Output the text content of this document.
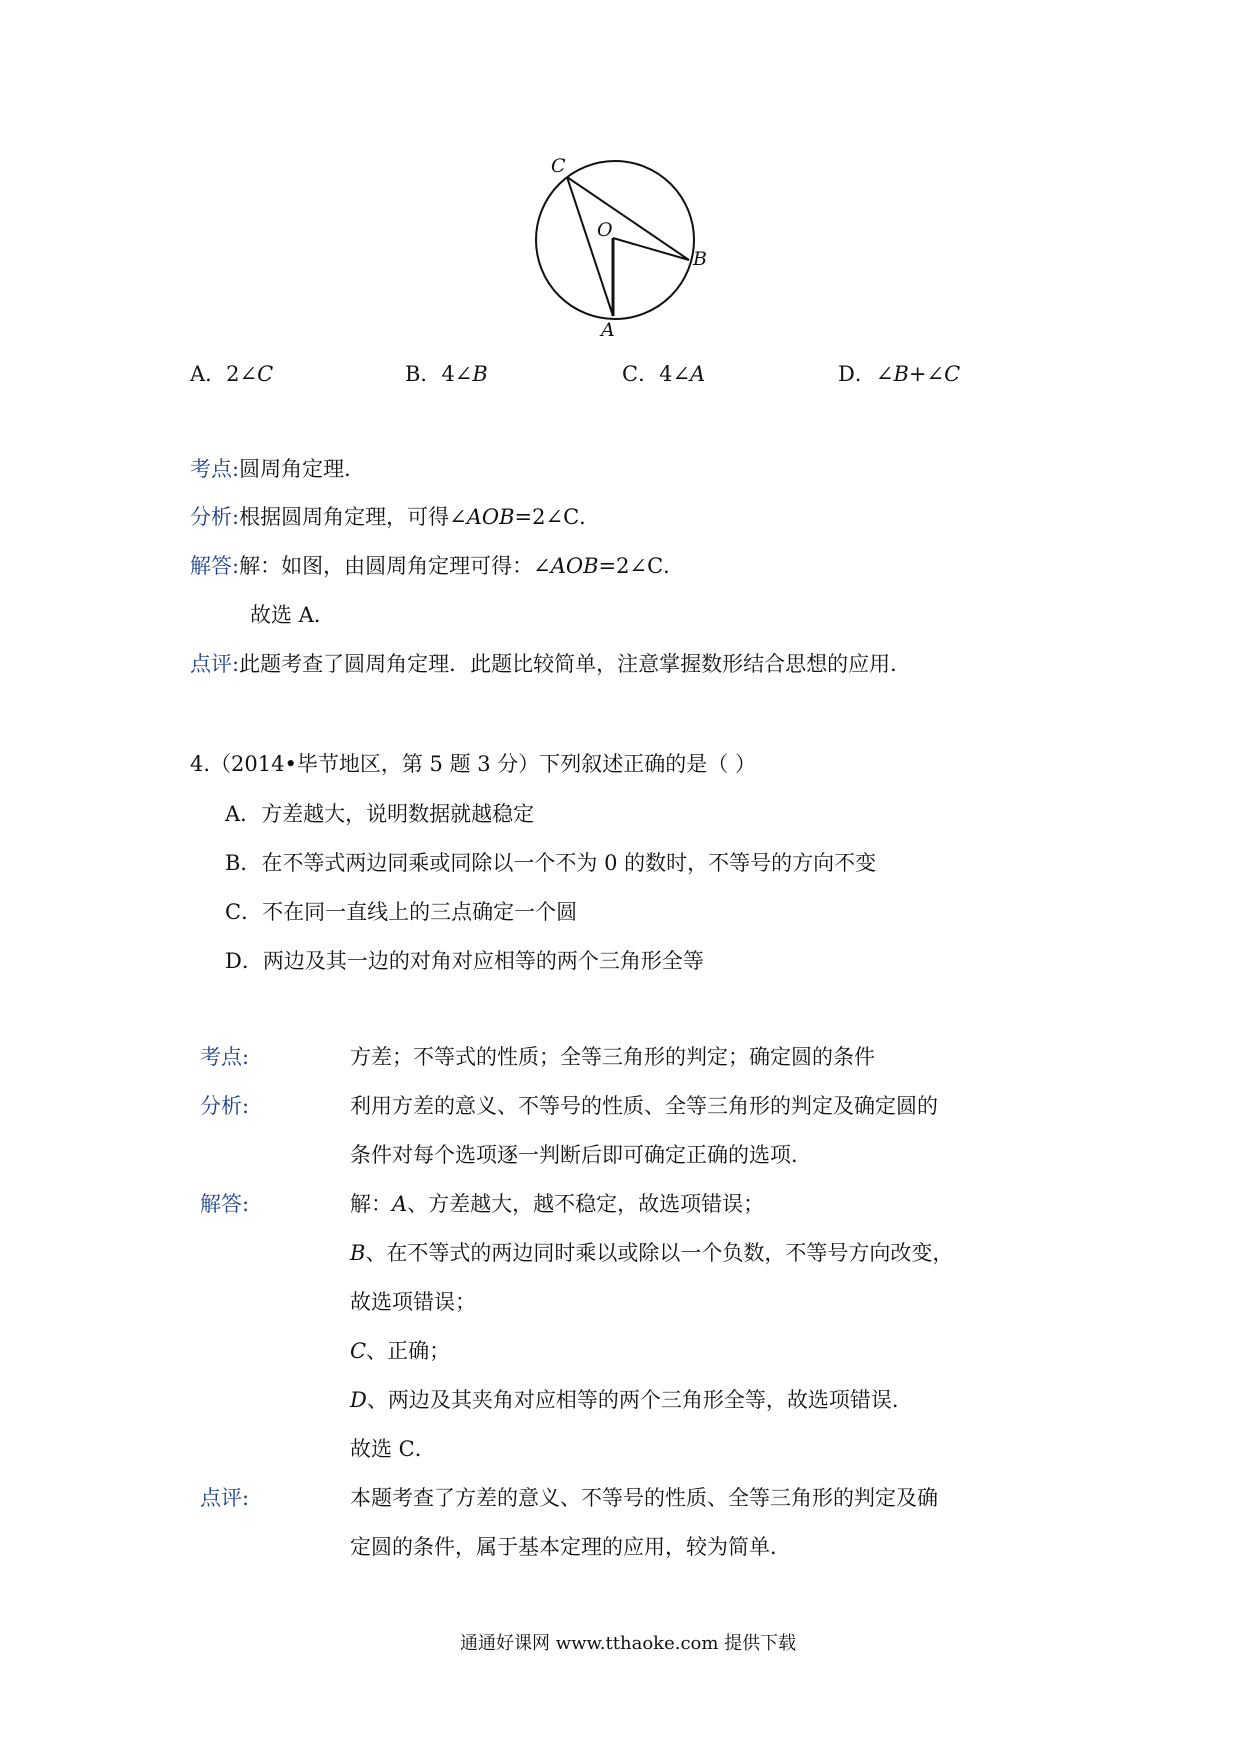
C
O
B
A
A．2∠C	B．4∠B	C．4∠A	D．∠B+∠C
考点:圆周角定理．
分析:根据圆周角定理，可得∠AOB=2∠C．
解答:解：如图，由圆周角定理可得：∠AOB=2∠C．
故选 A．
点评:此题考查了圆周角定理．此题比较简单，注意掌握数形结合思想的应用．
4.（2014•毕节地区，第 5 题 3 分）下列叙述正确的是（ ）
A．方差越大，说明数据就越稳定
B．在不等式两边同乘或同除以一个不为 0 的数时，不等号的方向不变
C．不在同一直线上的三点确定一个圆
D．两边及其一边的对角对应相等的两个三角形全等
考点:	方差；不等式的性质；全等三角形的判定；确定圆的条件
分析:	利用方差的意义、不等号的性质、全等三角形的判定及确定圆的
条件对每个选项逐一判断后即可确定正确的选项．
解答:	解：A、方差越大，越不稳定，故选项错误；
B、在不等式的两边同时乘以或除以一个负数，不等号方向改变，
故选项错误；
C、正确；
D、两边及其夹角对应相等的两个三角形全等，故选项错误．
故选 C．
点评:	本题考查了方差的意义、不等号的性质、全等三角形的判定及确
定圆的条件，属于基本定理的应用，较为简单．
通通好课网 www.tthaoke.com 提供下载
